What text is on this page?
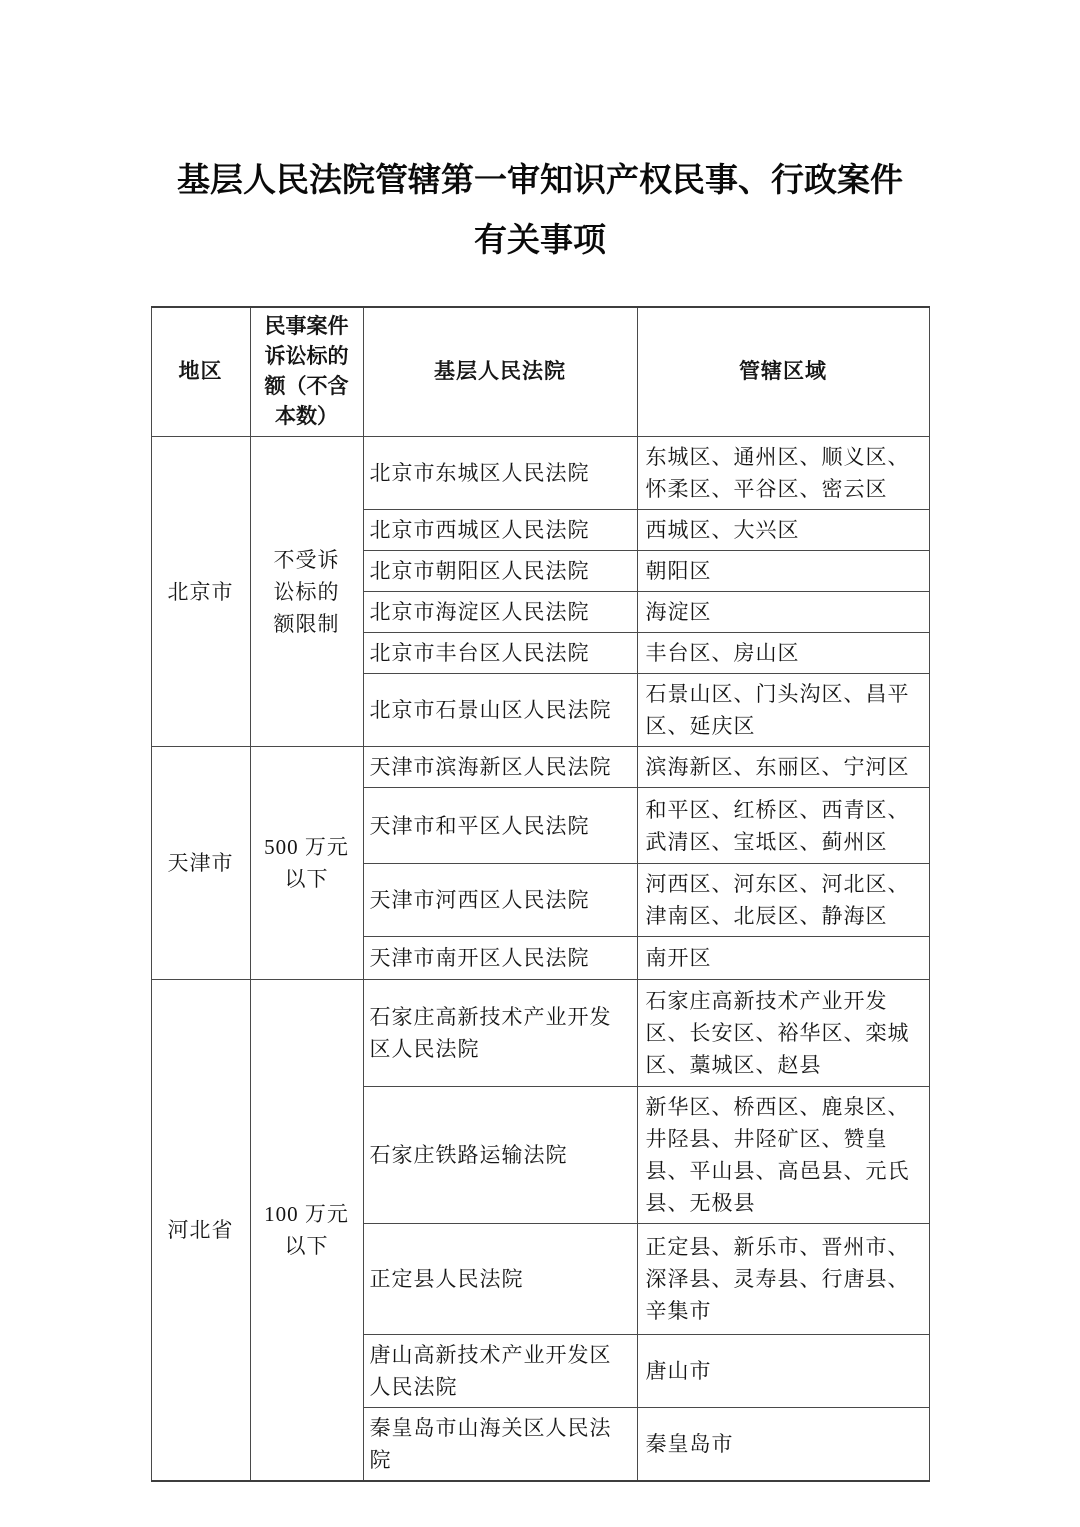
基层人民法院管辖第一审知识产权民事、行政案件
有关事项
地区	民事案件诉讼标的额（不含本数）	基层人民法院	管辖区域
北京市	不受诉讼标的额限制	北京市东城区人民法院	东城区、通州区、顺义区、怀柔区、平谷区、密云区
		北京市西城区人民法院	西城区、大兴区
		北京市朝阳区人民法院	朝阳区
		北京市海淀区人民法院	海淀区
		北京市丰台区人民法院	丰台区、房山区
		北京市石景山区人民法院	石景山区、门头沟区、昌平区、延庆区
天津市	500 万元以下	天津市滨海新区人民法院	滨海新区、东丽区、宁河区
		天津市和平区人民法院	和平区、红桥区、西青区、武清区、宝坻区、蓟州区
		天津市河西区人民法院	河西区、河东区、河北区、津南区、北辰区、静海区
		天津市南开区人民法院	南开区
河北省	100 万元以下	石家庄高新技术产业开发区人民法院	石家庄高新技术产业开发区、长安区、裕华区、栾城区、藁城区、赵县
		石家庄铁路运输法院	新华区、桥西区、鹿泉区、井陉县、井陉矿区、赞皇县、平山县、高邑县、元氏县、无极县
		正定县人民法院	正定县、新乐市、晋州市、深泽县、灵寿县、行唐县、辛集市
		唐山高新技术产业开发区人民法院	唐山市
		秦皇岛市山海关区人民法院	秦皇岛市
